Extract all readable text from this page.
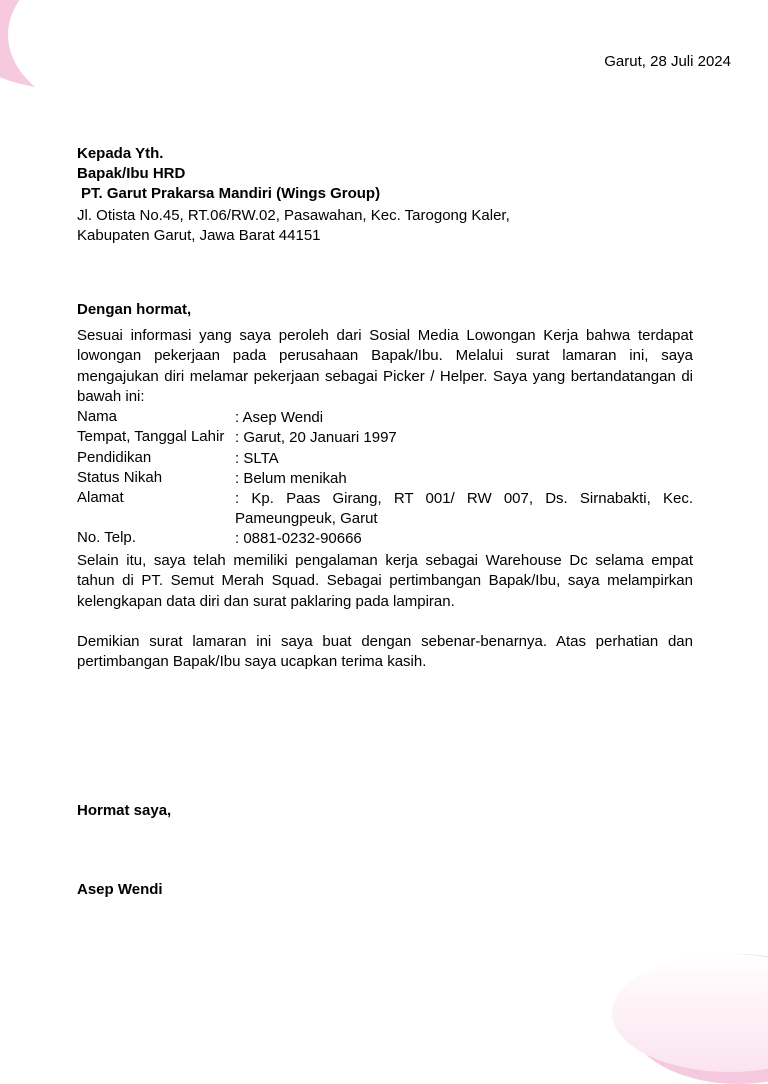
Garut, 28 Juli 2024
Kepada Yth.
Bapak/Ibu HRD
PT. Garut Prakarsa Mandiri (Wings Group)
Jl. Otista No.45, RT.06/RW.02, Pasawahan, Kec. Tarogong Kaler,
Kabupaten Garut, Jawa Barat 44151
Dengan hormat,
Sesuai informasi yang saya peroleh dari Sosial Media Lowongan Kerja bahwa terdapat lowongan pekerjaan pada perusahaan Bapak/Ibu. Melalui surat lamaran ini, saya mengajukan diri melamar pekerjaan sebagai Picker / Helper. Saya yang bertandatangan di bawah ini:
Nama	: Asep Wendi
Tempat, Tanggal Lahir : Garut, 20 Januari 1997
Pendidikan	: SLTA
Status Nikah	: Belum menikah
Alamat	: Kp. Paas Girang, RT 001/ RW 007, Ds. Sirnabakti, Kec. Pameungpeuk, Garut
No. Telp.	: 0881-0232-90666
Selain itu, saya telah memiliki pengalaman kerja sebagai Warehouse Dc selama empat tahun di PT. Semut Merah Squad. Sebagai pertimbangan Bapak/Ibu, saya melampirkan kelengkapan data diri dan surat paklaring pada lampiran.
Demikian surat lamaran ini saya buat dengan sebenar-benarnya. Atas perhatian dan pertimbangan Bapak/Ibu saya ucapkan terima kasih.
Hormat saya,
Asep Wendi
